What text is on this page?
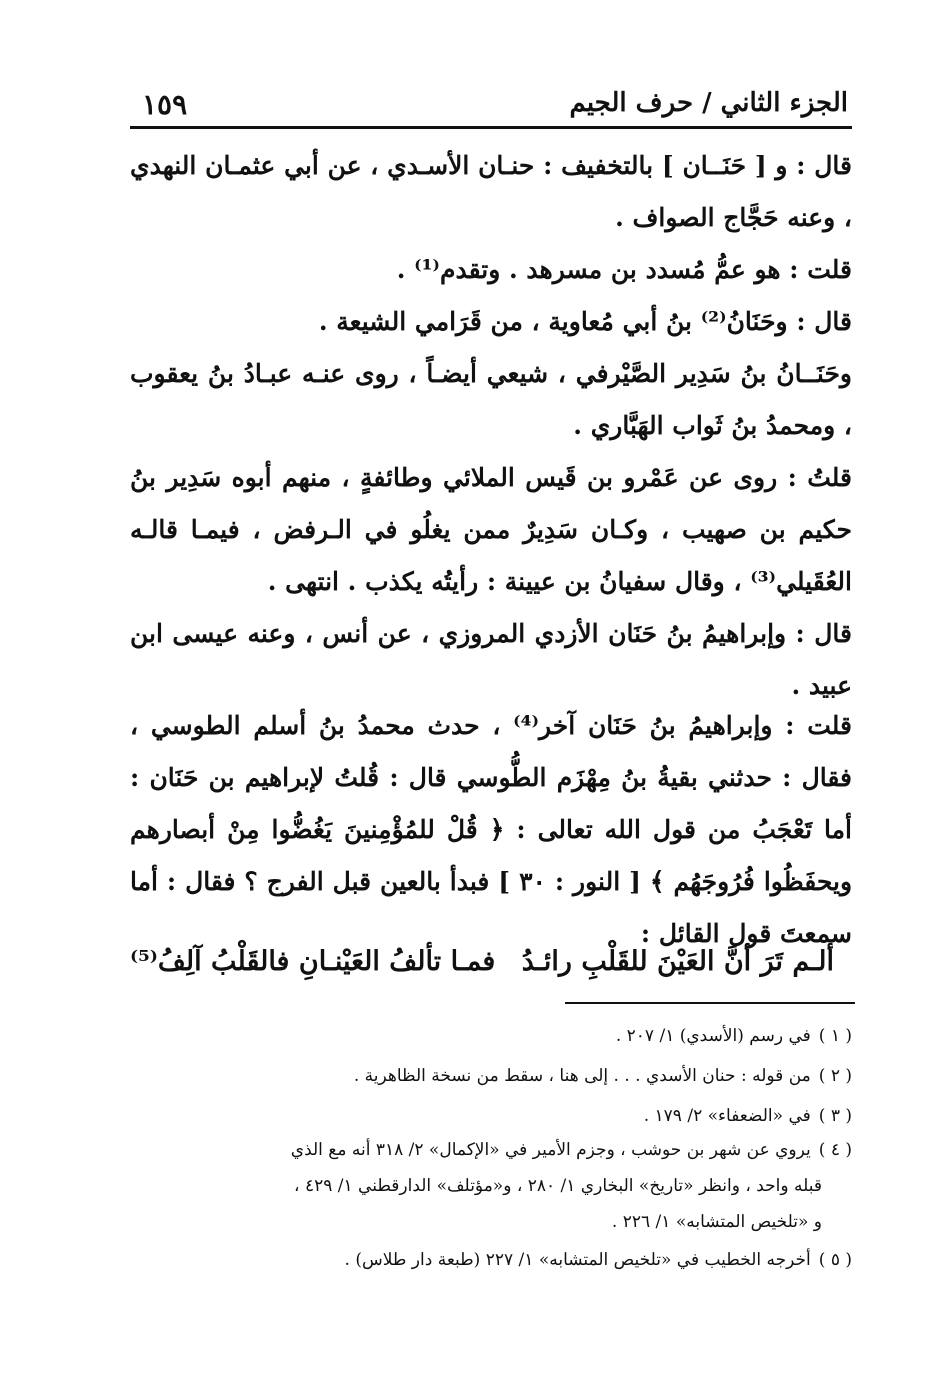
١٥٩	الجزء الثاني / حرف الجيم
قال : و [ حَنَــان ] بالتخفيف : حنـان الأسـدي ، عن أبي عثمـان النهدي ، وعنه حَجَّاج الصواف .
قلت : هو عمُّ مُسدد بن مسرهد . وتقدم⁽¹⁾ .
قال : وحَنَانُ⁽²⁾ بنُ أبي مُعاوية ، من قَرَامي الشيعة .
وحَنَــانُ بنُ سَدِير الصَّيْرفي ، شيعي أيضـاً ، روى عنـه عبـادُ بنُ يعقوب ، ومحمدُ بنُ ثَواب الهَبَّاري .
قلتُ : روى عن عَمْرو بن قَيس الملائي وطائفةٍ ، منهم أبوه سَدِير بنُ حكيم بن صهيب ، وكـان سَدِيرٌ ممن يغلُو في الـرفض ، فيمـا قالـه العُقَيلي⁽³⁾ ، وقال سفيانُ بن عيينة : رأيتُه يكذب . انتهى .
قال : وإبراهيمُ بنُ حَنَان الأزدي المروزي ، عن أنس ، وعنه عيسى ابن عبيد .
قلت : وإبراهيمُ بنُ حَنَان آخر⁽⁴⁾ ، حدث محمدُ بنُ أسلم الطوسي ، فقال : حدثني بقيةُ بنُ مِهْزَم الطُّوسي قال : قُلتُ لإبراهيم بن حَنَان : أما تَعْجَبُ من قول الله تعالى : ﴿ قُلْ للمُؤْمِنينَ يَغُضُّوا مِنْ أبصارهم ويحفَظُوا فُرُوجَهُم ﴾ [ النور : ٣٠ ] فبدأ بالعين قبل الفرج ؟ فقال : أما سمعتَ قول القائل :
ألـم تَرَ أنَّ العَيْنَ للقَلْبِ رائـدُ
فمـا تألفُ العَيْنـانِ فالقَلْبُ آلِفُ⁽⁵⁾
( ١ )في رسم (الأسدي) ١/ ٢٠٧ .
( ٢ )من قوله : حنان الأسدي . . . إلى هنا ، سقط من نسخة الظاهرية .
( ٣ )في «الضعفاء» ٢/ ١٧٩ .
( ٤ )يروي عن شهر بن حوشب ، وجزم الأمير في «الإكمال» ٢/ ٣١٨ أنه مع الذي
قبله واحد ، وانظر «تاريخ» البخاري ١/ ٢٨٠ ، و«مؤتلف» الدارقطني ١/ ٤٢٩ ،
و «تلخيص المتشابه» ١/ ٢٢٦ .
( ٥ )أخرجه الخطيب في «تلخيص المتشابه» ١/ ٢٢٧ (طبعة دار طلاس) .
